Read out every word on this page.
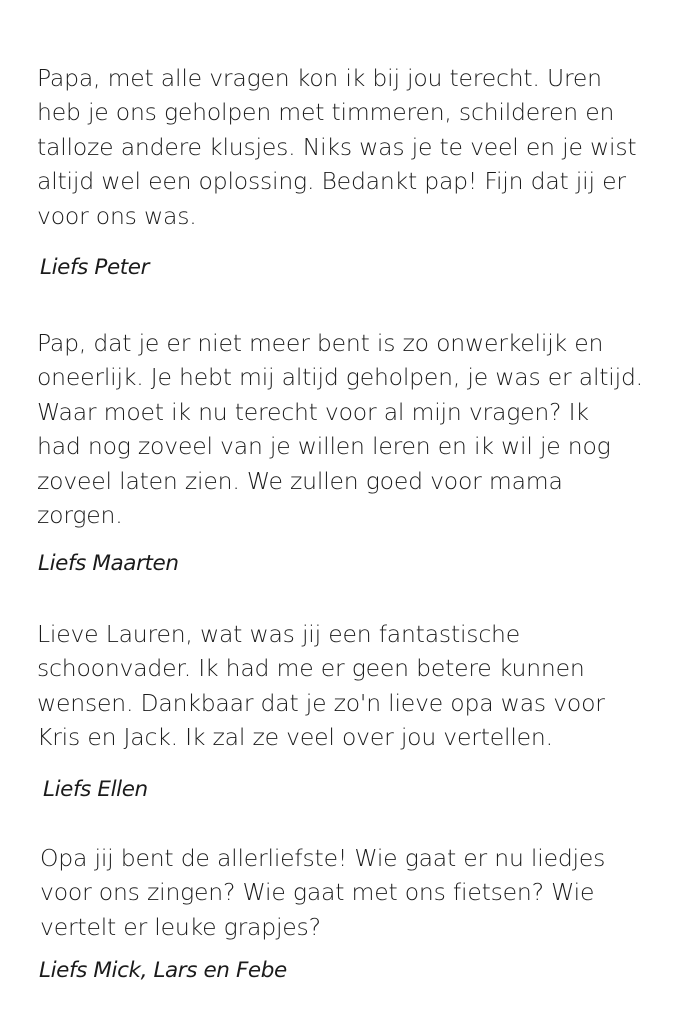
Papa, met alle vragen kon ik bij jou terecht. Uren
heb je ons geholpen met timmeren, schilderen en
talloze andere klusjes. Niks was je te veel en je wist
altijd wel een oplossing. Bedankt pap! Fijn dat jij er
voor ons was.

Liefs Peter

Pap, dat je er niet meer bent is zo onwerkelijk en
oneerlijk. Je hebt mij altijd geholpen, je was er altijd.
Waar moet ik nu terecht voor al mijn vragen? Ik
had nog zoveel van je willen leren en ik wil je nog
zoveel laten zien. We zullen goed voor mama
zorgen.

Liefs Maarten

Lieve Lauren, wat was jij een fantastische
schoonvader. Ik had me er geen betere kunnen
wensen. Dankbaar dat je zo'n lieve opa was voor
Kris en Jack. Ik zal ze veel over jou vertellen.

Liefs Ellen

Opa jij bent de allerliefste! Wie gaat er nu liedjes
voor ons zingen? Wie gaat met ons fietsen? Wie
vertelt er leuke grapjes?

Liefs Mick, Lars en Febe
